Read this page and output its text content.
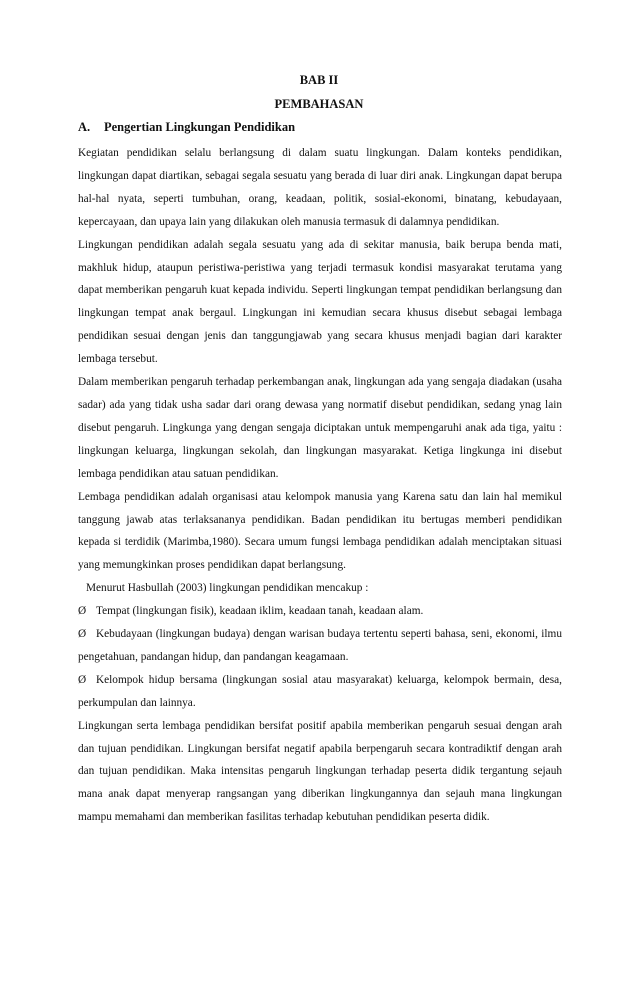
BAB II
PEMBAHASAN
A. Pengertian Lingkungan Pendidikan

Kegiatan pendidikan selalu berlangsung di dalam suatu lingkungan. Dalam konteks pendidikan, lingkungan dapat diartikan, sebagai segala sesuatu yang berada di luar diri anak. Lingkungan dapat berupa hal-hal nyata, seperti tumbuhan, orang, keadaan, politik, sosial-ekonomi, binatang, kebudayaan, kepercayaan, dan upaya lain yang dilakukan oleh manusia termasuk di dalamnya pendidikan.

Lingkungan pendidikan adalah segala sesuatu yang ada di sekitar manusia, baik berupa benda mati, makhluk hidup, ataupun peristiwa-peristiwa yang terjadi termasuk kondisi masyarakat terutama yang dapat memberikan pengaruh kuat kepada individu. Seperti lingkungan tempat pendidikan berlangsung dan lingkungan tempat anak bergaul. Lingkungan ini kemudian secara khusus disebut sebagai lembaga pendidikan sesuai dengan jenis dan tanggungjawab yang secara khusus menjadi bagian dari karakter lembaga tersebut.

Dalam memberikan pengaruh terhadap perkembangan anak, lingkungan ada yang sengaja diadakan (usaha sadar) ada yang tidak usha sadar dari orang dewasa yang normatif disebut pendidikan, sedang ynag lain disebut pengaruh. Lingkunga yang dengan sengaja diciptakan untuk mempengaruhi anak ada tiga, yaitu : lingkungan keluarga, lingkungan sekolah, dan lingkungan masyarakat. Ketiga lingkunga ini disebut lembaga pendidikan atau satuan pendidikan.

Lembaga pendidikan adalah organisasi atau kelompok manusia yang Karena satu dan lain hal memikul tanggung jawab atas terlaksananya pendidikan. Badan pendidikan itu bertugas memberi pendidikan kepada si terdidik (Marimba,1980). Secara umum fungsi lembaga pendidikan adalah menciptakan situasi yang memungkinkan proses pendidikan dapat berlangsung.

Menurut Hasbullah (2003) lingkungan pendidikan mencakup :

Ø Tempat (lingkungan fisik), keadaan iklim, keadaan tanah, keadaan alam.

Ø Kebudayaan (lingkungan budaya) dengan warisan budaya tertentu seperti bahasa, seni, ekonomi, ilmu pengetahuan, pandangan hidup, dan pandangan keagamaan.

Ø Kelompok hidup bersama (lingkungan sosial atau masyarakat) keluarga, kelompok bermain, desa, perkumpulan dan lainnya.

Lingkungan serta lembaga pendidikan bersifat positif apabila memberikan pengaruh sesuai dengan arah dan tujuan pendidikan. Lingkungan bersifat negatif apabila berpengaruh secara kontradiktif dengan arah dan tujuan pendidikan. Maka intensitas pengaruh lingkungan terhadap peserta didik tergantung sejauh mana anak dapat menyerap rangsangan yang diberikan lingkungannya dan sejauh mana lingkungan mampu memahami dan memberikan fasilitas terhadap kebutuhan pendidikan peserta didik.
